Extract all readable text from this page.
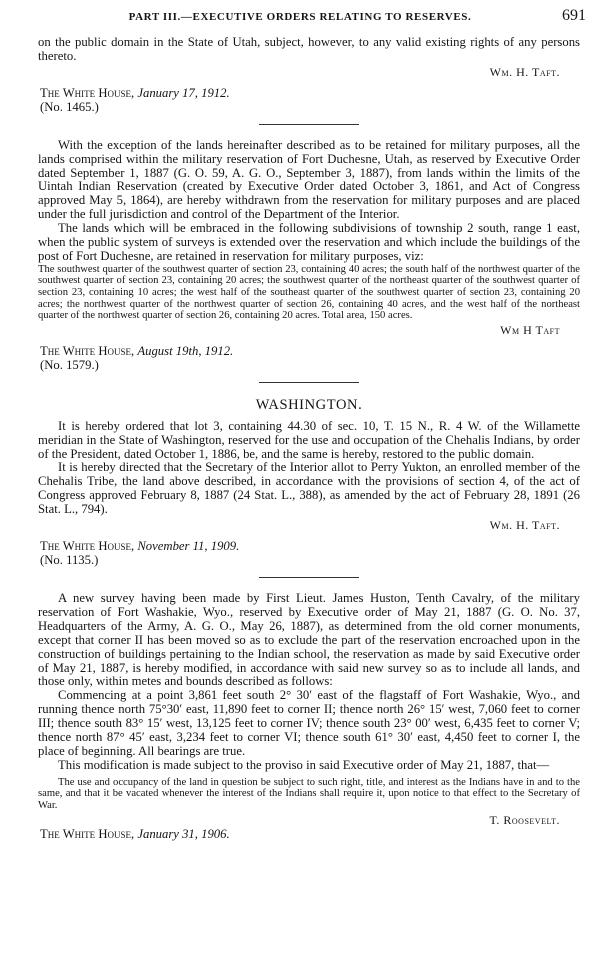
PART III.—EXECUTIVE ORDERS RELATING TO RESERVES.	691

on the public domain in the State of Utah, subject, however, to any valid existing rights of any persons thereto.

Wm. H. Taft.

The White House, January 17, 1912.
(No. 1465.)

With the exception of the lands hereinafter described as to be retained for military purposes, all the lands comprised within the military reservation of Fort Duchesne, Utah, as reserved by Executive Order dated September 1, 1887 (G. O. 59, A. G. O., September 3, 1887), from lands within the limits of the Uintah Indian Reservation (created by Executive Order dated October 3, 1861, and Act of Congress approved May 5, 1864), are hereby withdrawn from the reservation for military purposes and are placed under the full jurisdiction and control of the Department of the Interior.

The lands which will be embraced in the following subdivisions of township 2 south, range 1 east, when the public system of surveys is extended over the reservation and which include the buildings of the post of Fort Duchesne, are retained in reservation for military purposes, viz:

The southwest quarter of the southwest quarter of section 23, containing 40 acres; the south half of the northwest quarter of the southwest quarter of section 23, containing 20 acres; the southwest quarter of the northeast quarter of the southwest quarter of section 23, containing 10 acres; the west half of the southeast quarter of the southwest quarter of section 23, containing 20 acres; the northwest quarter of the northwest quarter of section 26, containing 40 acres, and the west half of the northeast quarter of the northwest quarter of section 26, containing 20 acres. Total area, 150 acres.

Wm H Taft

The White House, August 19th, 1912.
(No. 1579.)
WASHINGTON.

It is hereby ordered that lot 3, containing 44.30 of sec. 10, T. 15 N., R. 4 W. of the Willamette meridian in the State of Washington, reserved for the use and occupation of the Chehalis Indians, by order of the President, dated October 1, 1886, be, and the same is hereby, restored to the public domain.

It is hereby directed that the Secretary of the Interior allot to Perry Yukton, an enrolled member of the Chehalis Tribe, the land above described, in accordance with the provisions of section 4, of the act of Congress approved February 8, 1887 (24 Stat. L., 388), as amended by the act of February 28, 1891 (26 Stat. L., 794).

Wm. H. Taft.

The White House, November 11, 1909.
(No. 1135.)

A new survey having been made by First Lieut. James Huston, Tenth Cavalry, of the military reservation of Fort Washakie, Wyo., reserved by Executive order of May 21, 1887 (G. O. No. 37, Headquarters of the Army, A. G. O., May 26, 1887), as determined from the old corner monuments, except that corner II has been moved so as to exclude the part of the reservation encroached upon in the construction of buildings pertaining to the Indian school, the reservation as made by said Executive order of May 21, 1887, is hereby modified, in accordance with said new survey so as to include all lands, and those only, within metes and bounds described as follows:

Commencing at a point 3,861 feet south 2° 30′ east of the flagstaff of Fort Washakie, Wyo., and running thence north 75°30′ east, 11,890 feet to corner II; thence north 26° 15′ west, 7,060 feet to corner III; thence south 83° 15′ west, 13,125 feet to corner IV; thence south 23° 00′ west, 6,435 feet to corner V; thence north 87° 45′ east, 3,234 feet to corner VI; thence south 61° 30′ east, 4,450 feet to corner I, the place of beginning. All bearings are true.

This modification is made subject to the proviso in said Executive order of May 21, 1887, that—

The use and occupancy of the land in question be subject to such right, title, and interest as the Indians have in and to the same, and that it be vacated whenever the interest of the Indians shall require it, upon notice to that effect to the Secretary of War.

T. Roosevelt.

The White House, January 31, 1906.
